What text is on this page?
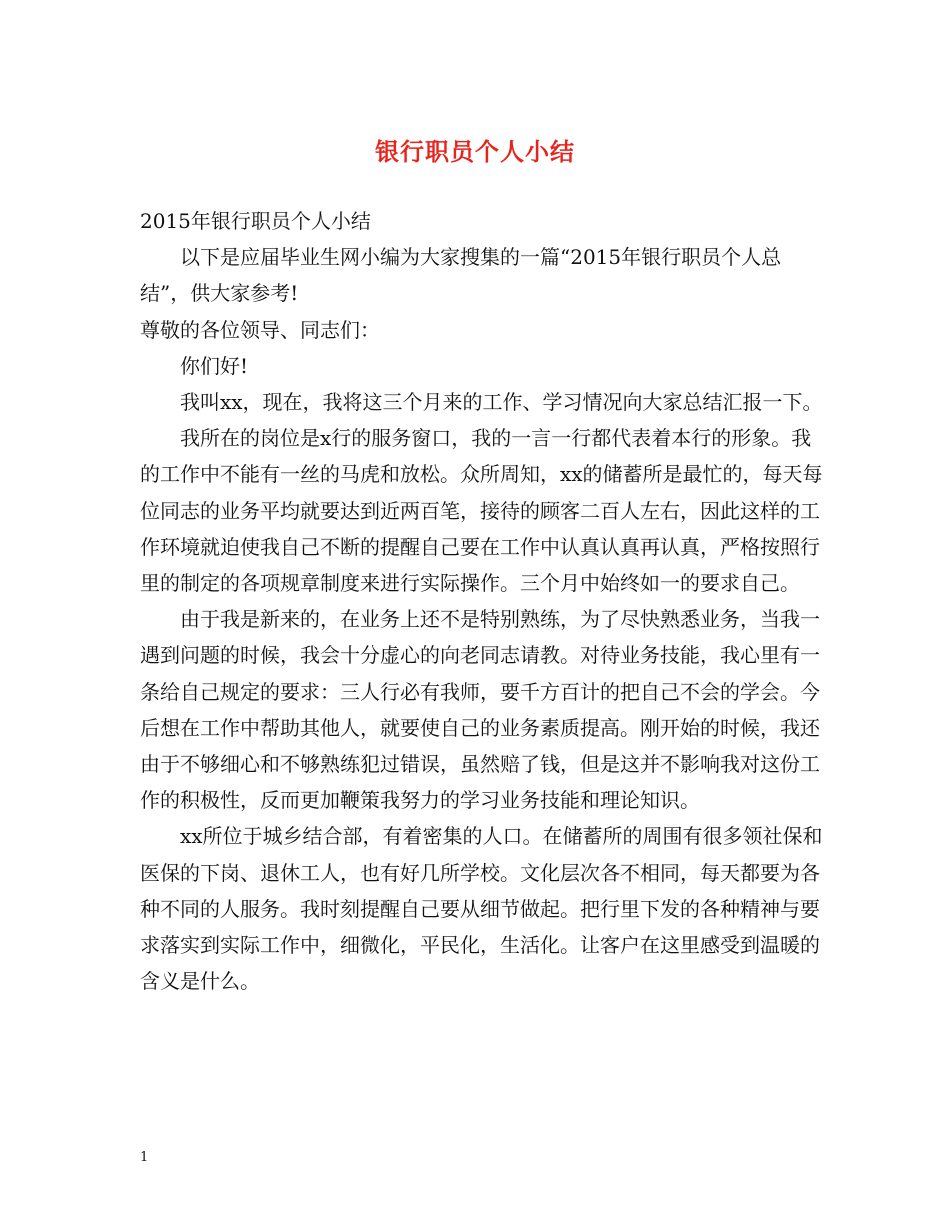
银行职员个人小结

2015年银行职员个人小结

以下是应届毕业生网小编为大家搜集的一篇“2015年银行职员个人总结”，供大家参考!

尊敬的各位领导、同志们：

你们好!

我叫xx，现在，我将这三个月来的工作、学习情况向大家总结汇报一下。

我所在的岗位是x行的服务窗口，我的一言一行都代表着本行的形象。我的工作中不能有一丝的马虎和放松。众所周知，xx的储蓄所是最忙的，每天每位同志的业务平均就要达到近两百笔，接待的顾客二百人左右，因此这样的工作环境就迫使我自己不断的提醒自己要在工作中认真认真再认真，严格按照行里的制定的各项规章制度来进行实际操作。三个月中始终如一的要求自己。

由于我是新来的，在业务上还不是特别熟练，为了尽快熟悉业务，当我一遇到问题的时候，我会十分虚心的向老同志请教。对待业务技能，我心里有一条给自己规定的要求：三人行必有我师，要千方百计的把自己不会的学会。今后想在工作中帮助其他人，就要使自己的业务素质提高。刚开始的时候，我还由于不够细心和不够熟练犯过错误，虽然赔了钱，但是这并不影响我对这份工作的积极性，反而更加鞭策我努力的学习业务技能和理论知识。

xx所位于城乡结合部，有着密集的人口。在储蓄所的周围有很多领社保和医保的下岗、退休工人，也有好几所学校。文化层次各不相同，每天都要为各种不同的人服务。我时刻提醒自己要从细节做起。把行里下发的各种精神与要求落实到实际工作中，细微化，平民化，生活化。让客户在这里感受到温暖的含义是什么。

1
